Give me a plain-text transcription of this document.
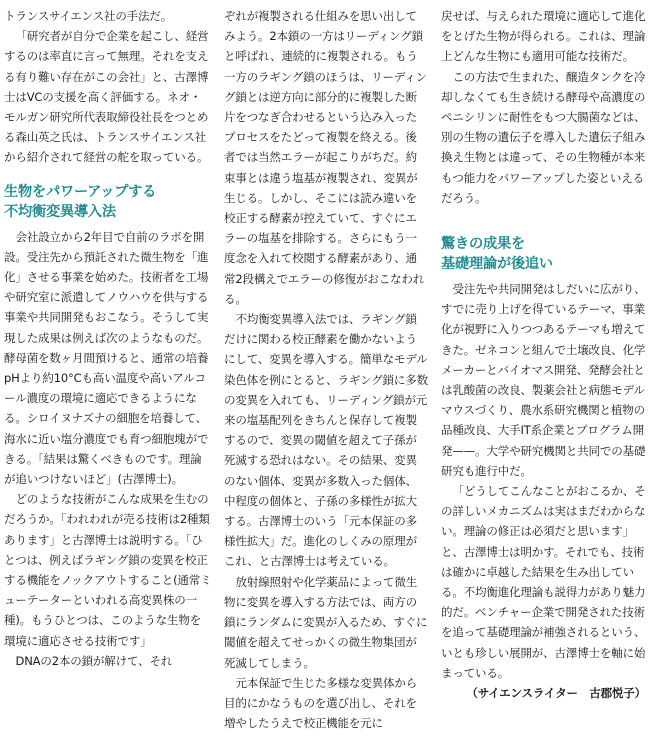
トランスサイエンス社の手法だ。

「研究者が自分で企業を起こし、経営するのは率直に言って無理。それを支える有り難い存在がこの会社」と、古澤博士はVCの支援を高く評価する。ネオ・モルガン研究所代表取締役社長をつとめる森山英之氏は、トランスサイエンス社から紹介されて経営の舵を取っている。

生物をパワーアップする
不均衡変異導入法

会社設立から2年目で自前のラボを開設。受注先から預託された微生物を「進化」させる事業を始めた。技術者を工場や研究室に派遣してノウハウを供与する事業や共同開発もおこなう。そうして実現した成果は例えば次のようなものだ。酵母菌を数ヶ月間預けると、通常の培養pHより約10°Cも高い温度や高いアルコール濃度の環境に適応できるようになる。シロイヌナズナの細胞を培養して、海水に近い塩分濃度でも育つ細胞塊ができる。「結果は驚くべきものです。理論が追いつけないほど」(古澤博士)。

どのような技術がこんな成果を生むのだろうか。「われわれが売る技術は2種類あります」と古澤博士は説明する。「ひとつは、例えばラギング鎖の変異を校正する機能をノックアウトすること(通常ミューテーターといわれる高変異株の一種)。もうひとつは、このような生物を環境に適応させる技術です」

DNAの2本の鎖が解けて、それ

ぞれが複製される仕組みを思い出してみよう。2本鎖の一方はリーディング鎖と呼ばれ、連続的に複製される。もう一方のラギング鎖のほうは、リーディング鎖とは逆方向に部分的に複製した断片をつなぎ合わせるという込み入ったプロセスをたどって複製を終える。後者では当然エラーが起こりがちだ。約束事とは違う塩基が複製され、変異が生じる。しかし、そこには読み違いを校正する酵素が控えていて、すぐにエラーの塩基を排除する。さらにもう一度念を入れて校閲する酵素があり、通常2段構えでエラーの修復がおこなわれる。

不均衡変異導入法では、ラギング鎖だけに関わる校正酵素を働かないようにして、変異を導入する。簡単なモデル染色体を例にとると、ラギング鎖に多数の変異を入れても、リーディング鎖が元来の塩基配列をきちんと保存して複製するので、変異の閾値を超えて子孫が死滅する恐れはない。その結果、変異のない個体、変異が多数入った個体、中程度の個体と、子孫の多様性が拡大する。古澤博士のいう「元本保証の多様性拡大」だ。進化のしくみの原理がこれ、と古澤博士は考えている。

放射線照射や化学薬品によって微生物に変異を導入する方法では、両方の鎖にランダムに変異が入るため、すぐに閾値を超えてせっかくの微生物集団が死滅してしまう。

元本保証で生じた多様な変異体から目的にかなうものを選び出し、それを増やしたうえで校正機能を元に

戻せば、与えられた環境に適応して進化をとげた生物が得られる。これは、理論上どんな生物にも適用可能な技術だ。

この方法で生まれた、醸造タンクを冷却しなくても生き続ける酵母や高濃度のペニシリンに耐性をもつ大腸菌などは、別の生物の遺伝子を導入した遺伝子組み換え生物とは違って、その生物種が本来もつ能力をパワーアップした姿といえるだろう。

驚きの成果を
基礎理論が後追い

受注先や共同開発はしだいに広がり、すでに売り上げを得ているテーマ、事業化が視野に入りつつあるテーマも増えてきた。ゼネコンと組んで土壌改良、化学メーカーとバイオマス開発、発酵会社とは乳酸菌の改良、製薬会社と病態モデルマウスづくり、農水系研究機関と植物の品種改良、大手IT系企業とプログラム開発——。大学や研究機関と共同での基礎研究も進行中だ。

「どうしてこんなことがおこるか、その詳しいメカニズムは実はまだわからない。理論の修正は必須だと思います」と、古澤博士は明かす。それでも、技術は確かに卓越した結果を生み出している。不均衡進化理論も説得力があり魅力的だ。ベンチャー企業で開発された技術を追って基礎理論が補強されるという、いとも珍しい展開が、古澤博士を軸に始まっている。

（サイエンスライター　古郡悦子）
